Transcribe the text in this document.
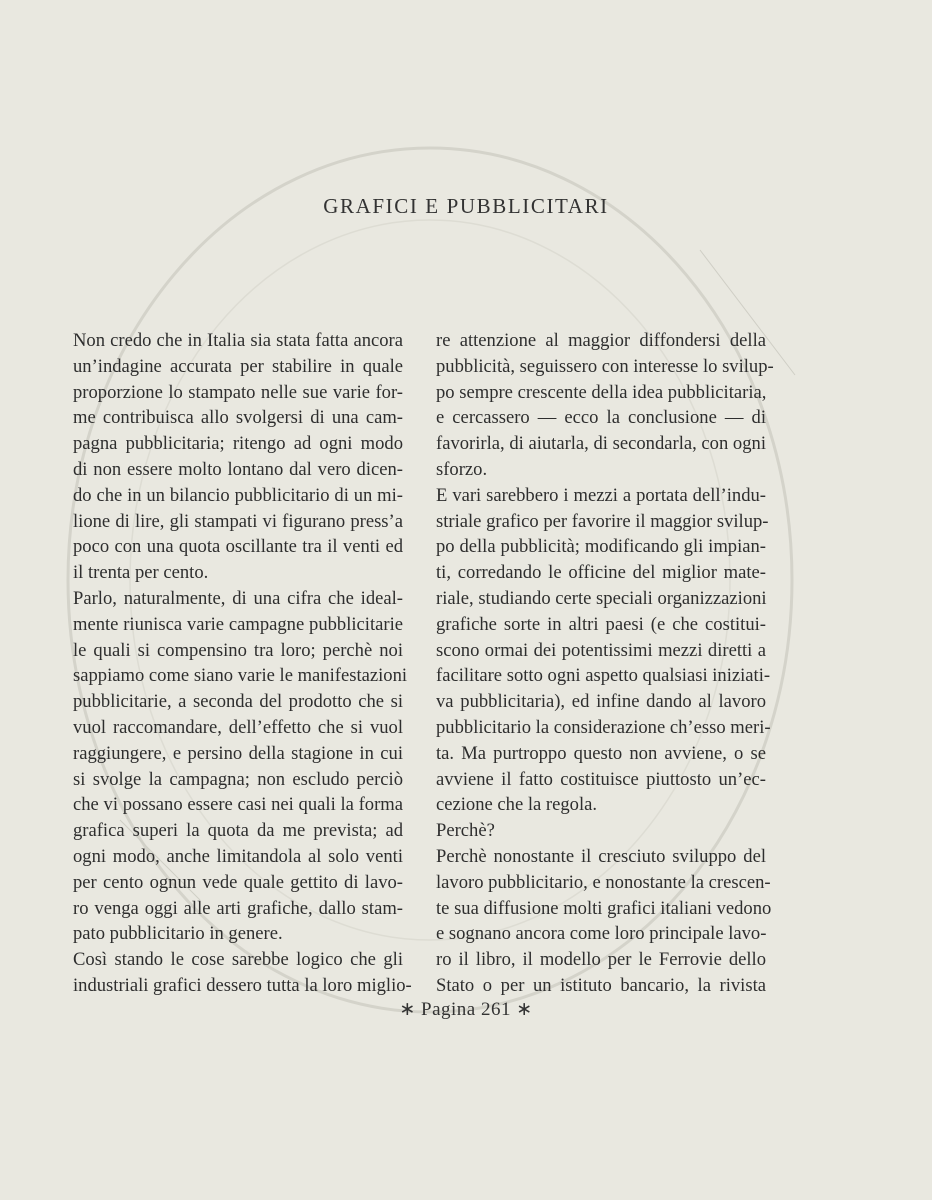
GRAFICI E PUBBLICITARI
Non credo che in Italia sia stata fatta ancora
un’indagine accurata per stabilire in quale
proporzione lo stampato nelle sue varie for-
me contribuisca allo svolgersi di una cam-
pagna pubblicitaria; ritengo ad ogni modo
di non essere molto lontano dal vero dicen-
do che in un bilancio pubblicitario di un mi-
lione di lire, gli stampati vi figurano press’a
poco con una quota oscillante tra il venti ed
il trenta per cento.
Parlo, naturalmente, di una cifra che ideal-
mente riunisca varie campagne pubblicitarie
le quali si compensino tra loro; perchè noi
sappiamo come siano varie le manifestazioni
pubblicitarie, a seconda del prodotto che si
vuol raccomandare, dell’effetto che si vuol
raggiungere, e persino della stagione in cui
si svolge la campagna; non escludo perciò
che vi possano essere casi nei quali la forma
grafica superi la quota da me prevista; ad
ogni modo, anche limitandola al solo venti
per cento ognun vede quale gettito di lavo-
ro venga oggi alle arti grafiche, dallo stam-
pato pubblicitario in genere.
Così stando le cose sarebbe logico che gli
industriali grafici dessero tutta la loro miglio-
re attenzione al maggior diffondersi della
pubblicità, seguissero con interesse lo svilup-
po sempre crescente della idea pubblicitaria,
e cercassero — ecco la conclusione — di
favorirla, di aiutarla, di secondarla, con ogni
sforzo.
E vari sarebbero i mezzi a portata dell’indu-
striale grafico per favorire il maggior svilup-
po della pubblicità; modificando gli impian-
ti, corredando le officine del miglior mate-
riale, studiando certe speciali organizzazioni
grafiche sorte in altri paesi (e che costitui-
scono ormai dei potentissimi mezzi diretti a
facilitare sotto ogni aspetto qualsiasi iniziati-
va pubblicitaria), ed infine dando al lavoro
pubblicitario la considerazione ch’esso meri-
ta. Ma purtroppo questo non avviene, o se
avviene il fatto costituisce piuttosto un’ec-
cezione che la regola.
Perchè?
Perchè nonostante il cresciuto sviluppo del
lavoro pubblicitario, e nonostante la crescen-
te sua diffusione molti grafici italiani vedono
e sognano ancora come loro principale lavo-
ro il libro, il modello per le Ferrovie dello
Stato o per un istituto bancario, la rivista
∗ Pagina 261 ∗
